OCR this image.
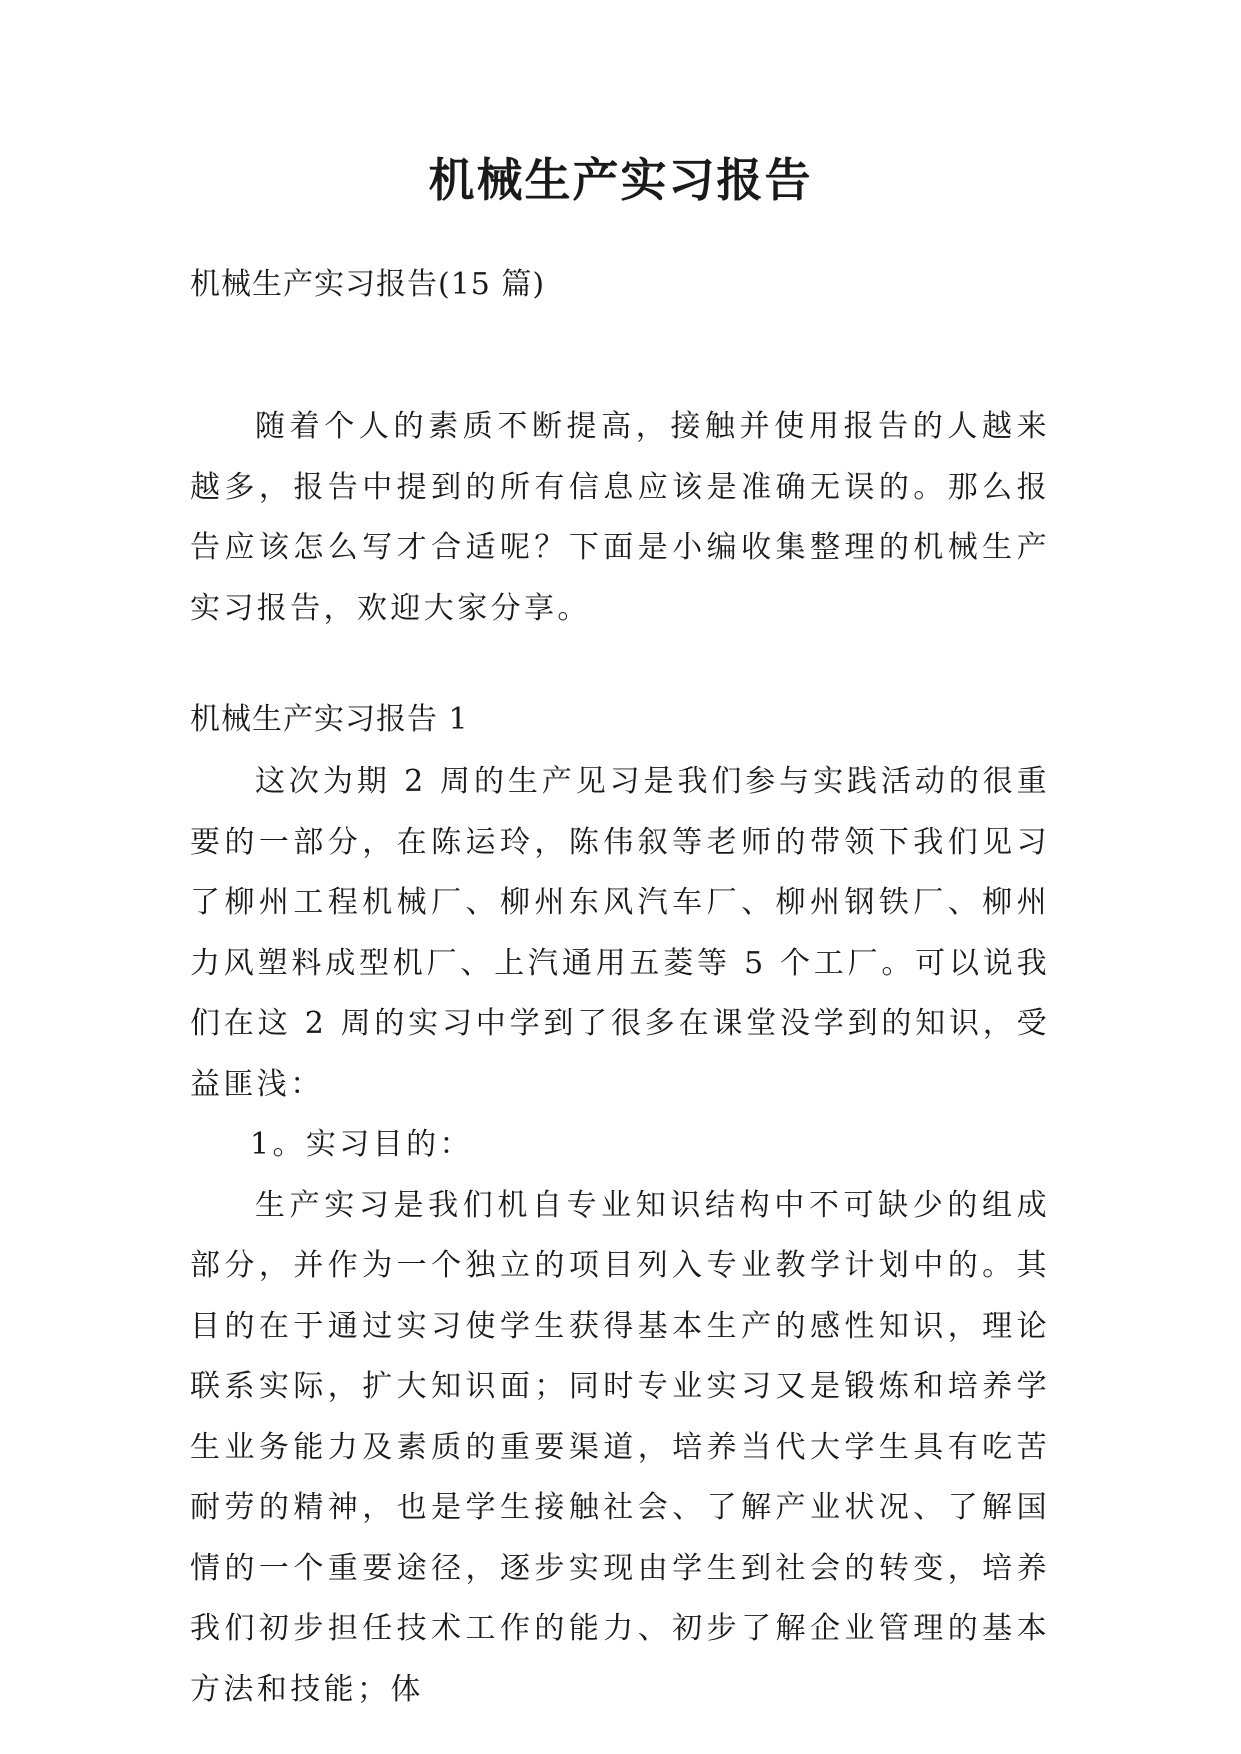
机械生产实习报告

机械生产实习报告(15 篇)

随着个人的素质不断提高，接触并使用报告的人越来越多，报告中提到的所有信息应该是准确无误的。那么报告应该怎么写才合适呢？下面是小编收集整理的机械生产实习报告，欢迎大家分享。

机械生产实习报告 1

这次为期 2 周的生产见习是我们参与实践活动的很重要的一部分，在陈运玲，陈伟叙等老师的带领下我们见习了柳州工程机械厂、柳州东风汽车厂、柳州钢铁厂、柳州力风塑料成型机厂、上汽通用五菱等 5 个工厂。可以说我们在这 2 周的实习中学到了很多在课堂没学到的知识，受益匪浅：

1。实习目的：

生产实习是我们机自专业知识结构中不可缺少的组成部分，并作为一个独立的项目列入专业教学计划中的。其目的在于通过实习使学生获得基本生产的感性知识，理论联系实际，扩大知识面；同时专业实习又是锻炼和培养学生业务能力及素质的重要渠道，培养当代大学生具有吃苦耐劳的精神，也是学生接触社会、了解产业状况、了解国情的一个重要途径，逐步实现由学生到社会的转变，培养我们初步担任技术工作的能力、初步了解企业管理的基本方法和技能；体
